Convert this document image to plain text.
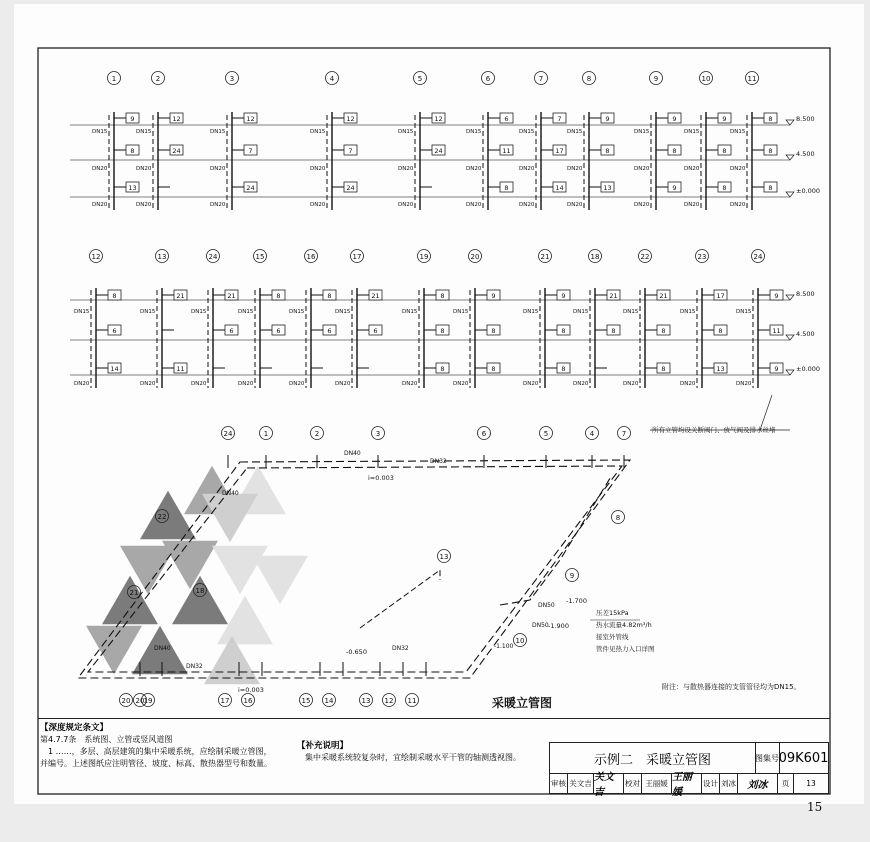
1
DN15
DN20
DN20
9
8
13
2
DN15
DN20
DN20
12
24
3
DN15
DN20
DN20
12
7
24
4
DN15
DN20
DN20
12
7
24
5
DN15
DN20
DN20
12
24
6
DN15
DN20
DN20
6
11
8
7
DN15
DN20
DN20
7
17
14
8
DN15
DN20
DN20
9
8
13
9
DN15
DN20
DN20
9
8
9
10
DN15
DN20
DN20
9
8
8
11
DN15
DN20
DN20
8
8
8
8.500
4.500
±0.000
12
DN15
DN20
8
6
14
13
DN15
DN20
21
11
24
DN15
DN20
21
6
15
DN15
DN20
8
6
16
DN15
DN20
8
6
17
DN15
DN20
21
6
19
DN15
DN20
8
8
8
20
DN15
DN20
9
8
8
21
DN15
DN20
9
8
8
18
DN15
DN20
21
8
22
DN15
DN20
21
8
8
23
DN15
DN20
17
8
13
24
DN15
DN20
9
11
9
8.500
4.500
±0.000
24	1	2	3	6	5	4	7
20 19	17 16	15 14	13 12 11
13
9
8
10
18
21
22
20
i=0.003
i=0.003
-0.650
-1.700
-1.900
-1.100
DN40
DN32
DN32
DN32
DN40
DN50
DN50
DN40
压差15kPa
热水流量4.82m³/h
接室外管线
管件见热力入口详图
采暖立管图
附注：与散热器连接的支管管径均为DN15。
所有立管均设关断阀门、放气阀及排水丝堵
【深度规定条文】
第4.7.7条　系统图、立管或竖风道图
1 ……，多层、高层建筑的集中采暖系统，应绘制采暖立管图，
并编号。上述图纸应注明管径、坡度、标高、散热器型号和数量。
【补充说明】
集中采暖系统较复杂时，宜绘制采暖水平干管的轴测透视图。	示例二　采暖立管图	图集号 09K601
审核 关文吉 关文吉
校对 王丽媛 王丽媛
设计 刘冰	刘冰	页	13
15
